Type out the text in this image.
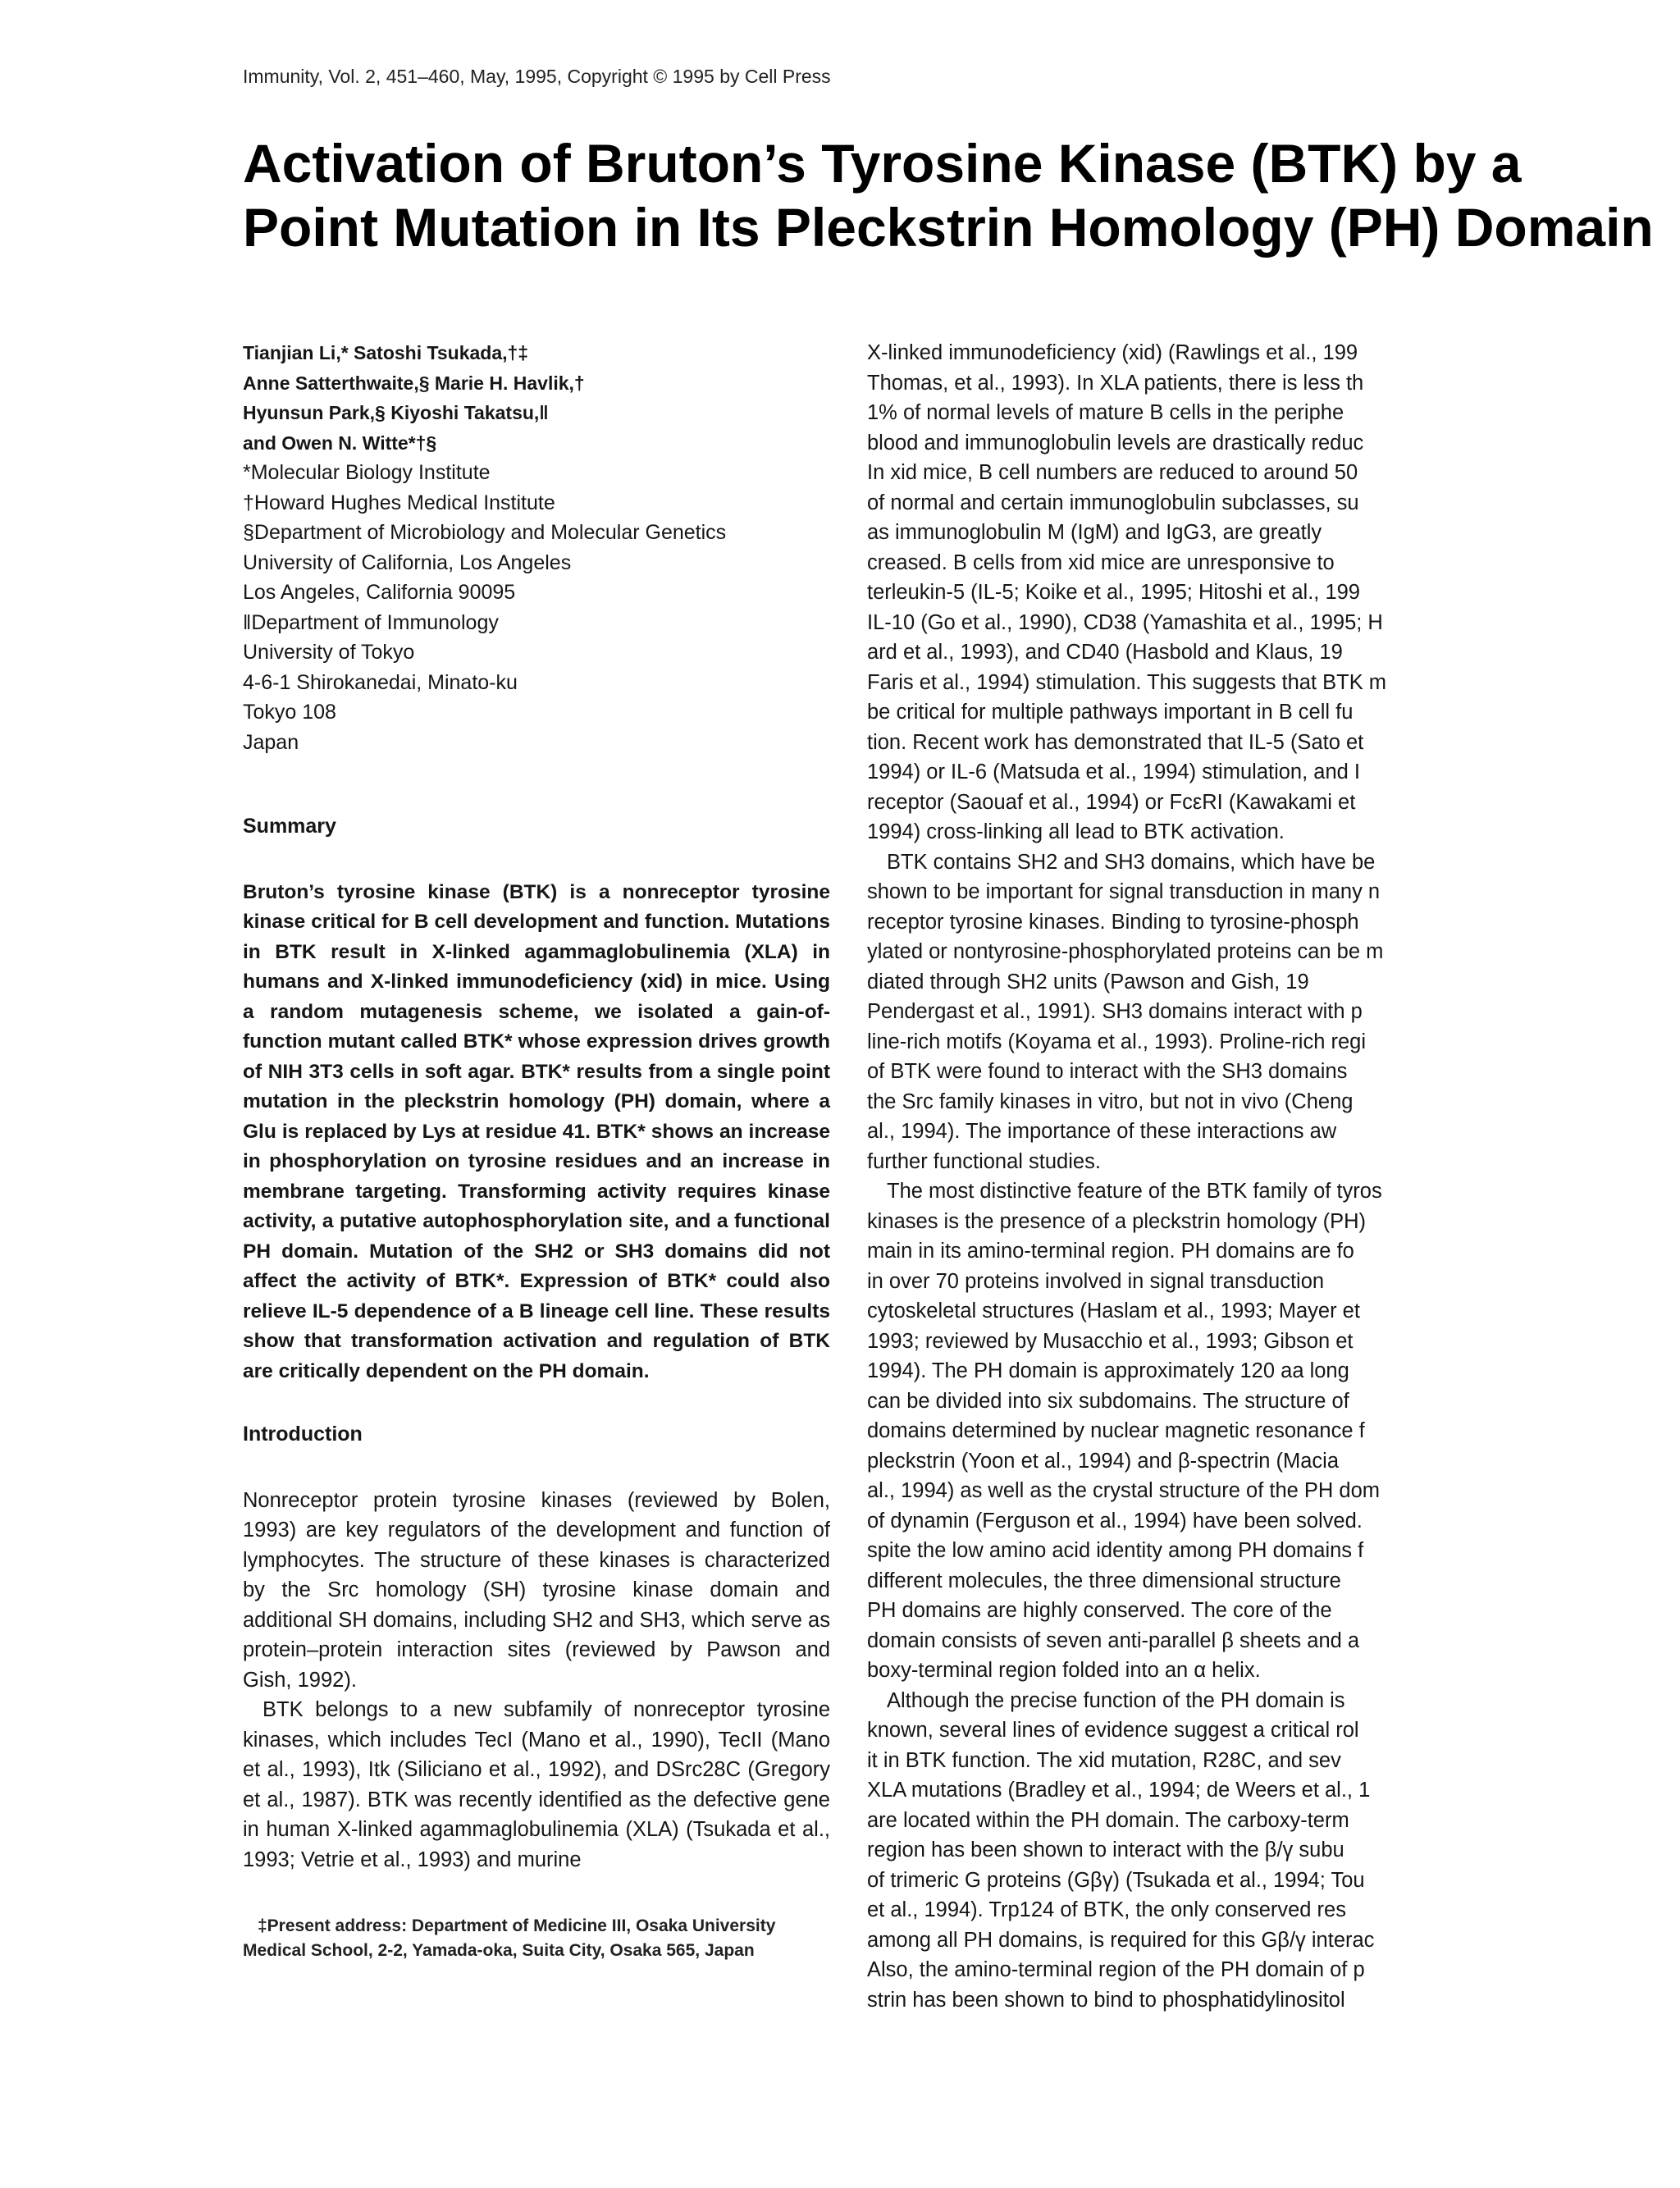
Immunity, Vol. 2, 451–460, May, 1995, Copyright © 1995 by Cell Press
Activation of Bruton’s Tyrosine Kinase (BTK) by a
Point Mutation in Its Pleckstrin Homology (PH) Domain
Tianjian Li,* Satoshi Tsukada,†‡
Anne Satterthwaite,§ Marie H. Havlik,†
Hyunsun Park,§ Kiyoshi Takatsu,‖
and Owen N. Witte*†§
*Molecular Biology Institute
†Howard Hughes Medical Institute
§Department of Microbiology and Molecular Genetics
University of California, Los Angeles
Los Angeles, California 90095
‖Department of Immunology
University of Tokyo
4-6-1 Shirokanedai, Minato-ku
Tokyo 108
Japan
Summary
Bruton’s tyrosine kinase (BTK) is a nonreceptor tyrosine kinase critical for B cell development and function. Mutations in BTK result in X-linked agammaglobulinemia (XLA) in humans and X-linked immunodeficiency (xid) in mice. Using a random mutagenesis scheme, we isolated a gain-of-function mutant called BTK* whose expression drives growth of NIH 3T3 cells in soft agar. BTK* results from a single point mutation in the pleckstrin homology (PH) domain, where a Glu is replaced by Lys at residue 41. BTK* shows an increase in phosphorylation on tyrosine residues and an increase in membrane targeting. Transforming activity requires kinase activity, a putative autophosphorylation site, and a functional PH domain. Mutation of the SH2 or SH3 domains did not affect the activity of BTK*. Expression of BTK* could also relieve IL-5 dependence of a B lineage cell line. These results show that transformation activation and regulation of BTK are critically dependent on the PH domain.
Introduction
Nonreceptor protein tyrosine kinases (reviewed by Bolen, 1993) are key regulators of the development and function of lymphocytes. The structure of these kinases is characterized by the Src homology (SH) tyrosine kinase domain and additional SH domains, including SH2 and SH3, which serve as protein–protein interaction sites (reviewed by Pawson and Gish, 1992).
BTK belongs to a new subfamily of nonreceptor tyrosine kinases, which includes TecI (Mano et al., 1990), TecII (Mano et al., 1993), Itk (Siliciano et al., 1992), and DSrc28C (Gregory et al., 1987). BTK was recently identified as the defective gene in human X-linked agammaglobulinemia (XLA) (Tsukada et al., 1993; Vetrie et al., 1993) and murine
‡Present address: Department of Medicine III, Osaka University Medical School, 2-2, Yamada-oka, Suita City, Osaka 565, Japan
X-linked immunodeficiency (xid) (Rawlings et al., 199
Thomas, et al., 1993). In XLA patients, there is less th
1% of normal levels of mature B cells in the periphe
blood and immunoglobulin levels are drastically reduc
In xid mice, B cell numbers are reduced to around 50
of normal and certain immunoglobulin subclasses, su
as immunoglobulin M (IgM) and IgG3, are greatly
creased. B cells from xid mice are unresponsive to
terleukin-5 (IL-5; Koike et al., 1995; Hitoshi et al., 199
IL-10 (Go et al., 1990), CD38 (Yamashita et al., 1995; H
ard et al., 1993), and CD40 (Hasbold and Klaus, 19
Faris et al., 1994) stimulation. This suggests that BTK m
be critical for multiple pathways important in B cell fu
tion. Recent work has demonstrated that IL-5 (Sato et
1994) or IL-6 (Matsuda et al., 1994) stimulation, and I
receptor (Saouaf et al., 1994) or FcεRI (Kawakami et
1994) cross-linking all lead to BTK activation.
BTK contains SH2 and SH3 domains, which have be
shown to be important for signal transduction in many n
receptor tyrosine kinases. Binding to tyrosine-phosph
ylated or nontyrosine-phosphorylated proteins can be m
diated through SH2 units (Pawson and Gish, 19
Pendergast et al., 1991). SH3 domains interact with p
line-rich motifs (Koyama et al., 1993). Proline-rich regi
of BTK were found to interact with the SH3 domains
the Src family kinases in vitro, but not in vivo (Cheng
al., 1994). The importance of these interactions aw
further functional studies.
The most distinctive feature of the BTK family of tyros
kinases is the presence of a pleckstrin homology (PH)
main in its amino-terminal region. PH domains are fo
in over 70 proteins involved in signal transduction
cytoskeletal structures (Haslam et al., 1993; Mayer et
1993; reviewed by Musacchio et al., 1993; Gibson et
1994). The PH domain is approximately 120 aa long
can be divided into six subdomains. The structure of
domains determined by nuclear magnetic resonance f
pleckstrin (Yoon et al., 1994) and β-spectrin (Macia
al., 1994) as well as the crystal structure of the PH dom
of dynamin (Ferguson et al., 1994) have been solved.
spite the low amino acid identity among PH domains f
different molecules, the three dimensional structure
PH domains are highly conserved. The core of the
domain consists of seven anti-parallel β sheets and a
boxy-terminal region folded into an α helix.
Although the precise function of the PH domain is
known, several lines of evidence suggest a critical rol
it in BTK function. The xid mutation, R28C, and sev
XLA mutations (Bradley et al., 1994; de Weers et al., 1
are located within the PH domain. The carboxy-term
region has been shown to interact with the β/γ subu
of trimeric G proteins (Gβγ) (Tsukada et al., 1994; Tou
et al., 1994). Trp124 of BTK, the only conserved res
among all PH domains, is required for this Gβ/γ interac
Also, the amino-terminal region of the PH domain of p
strin has been shown to bind to phosphatidylinositol
